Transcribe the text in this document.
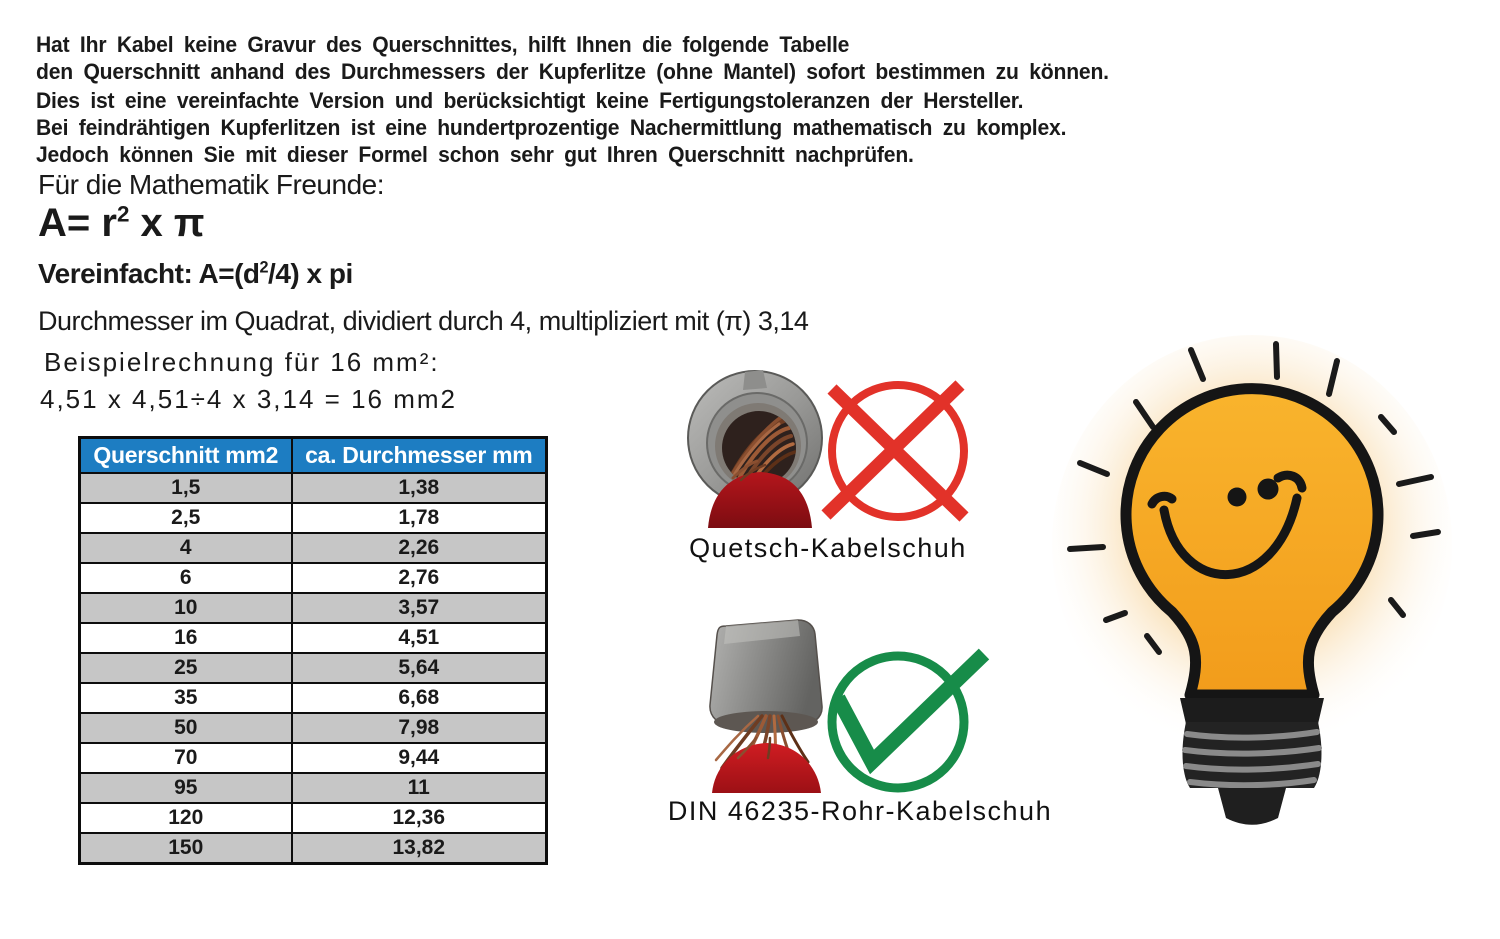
Hat Ihr Kabel keine Gravur des Querschnittes, hilft Ihnen die folgende Tabelle
den Querschnitt anhand des Durchmessers der Kupferlitze (ohne Mantel) sofort bestimmen zu können.
Dies ist eine vereinfachte Version und berücksichtigt keine Fertigungstoleranzen der Hersteller.
Bei feindrähtigen Kupferlitzen ist eine hundertprozentige Nachermittlung mathematisch zu komplex.
Jedoch können Sie mit dieser Formel schon sehr gut Ihren Querschnitt nachprüfen.
Für die Mathematik Freunde:
$A= r^2$ x π
Vereinfacht: $A=(d^2/4)$ x pi
Durchmesser im Quadrat, dividiert durch 4, multipliziert mit (π) 3,14
Beispielrechnung für 16 mm²:
4,51 x 4,51÷4 x 3,14 = 16 mm2
Querschnitt mm2	ca. Durchmesser mm
1,5	1,38
2,5	1,78
4	2,26
6	2,76
10	3,57
16	4,51
25	5,64
35	6,68
50	7,98
70	9,44
95	11
120	12,36
150	13,82
Quetsch-Kabelschuh
DIN 46235-Rohr-Kabelschuh
